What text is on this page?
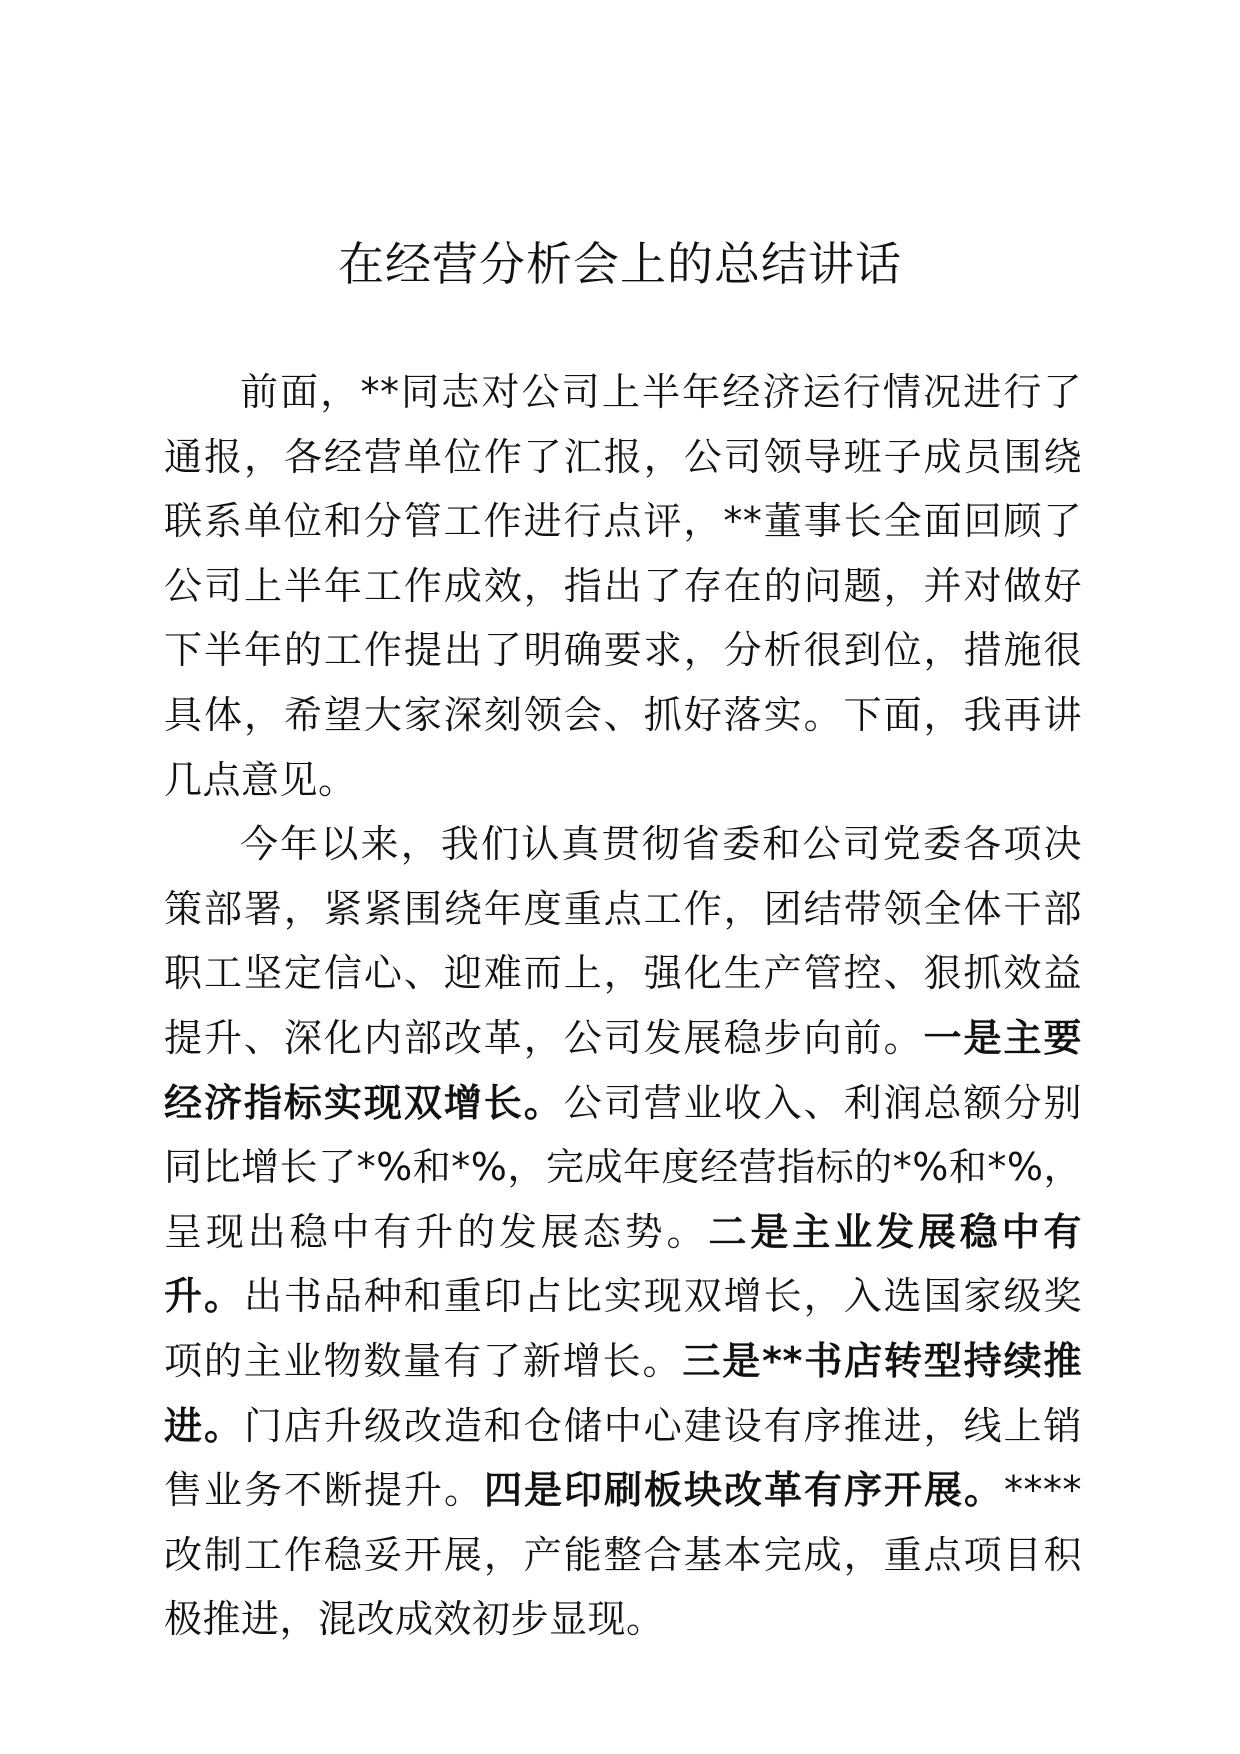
在经营分析会上的总结讲话

前面，**同志对公司上半年经济运行情况进行了通报，各经营单位作了汇报，公司领导班子成员围绕联系单位和分管工作进行点评，**董事长全面回顾了公司上半年工作成效，指出了存在的问题，并对做好下半年的工作提出了明确要求，分析很到位，措施很具体，希望大家深刻领会、抓好落实。下面，我再讲几点意见。

今年以来，我们认真贯彻省委和公司党委各项决策部署，紧紧围绕年度重点工作，团结带领全体干部职工坚定信心、迎难而上，强化生产管控、狠抓效益提升、深化内部改革，公司发展稳步向前。一是主要经济指标实现双增长。公司营业收入、利润总额分别同比增长了*%和*%，完成年度经营指标的*%和*%，呈现出稳中有升的发展态势。二是主业发展稳中有升。出书品种和重印占比实现双增长，入选国家级奖项的主业物数量有了新增长。三是**书店转型持续推进。门店升级改造和仓储中心建设有序推进，线上销售业务不断提升。四是印刷板块改革有序开展。****改制工作稳妥开展，产能整合基本完成，重点项目积极推进，混改成效初步显现。
